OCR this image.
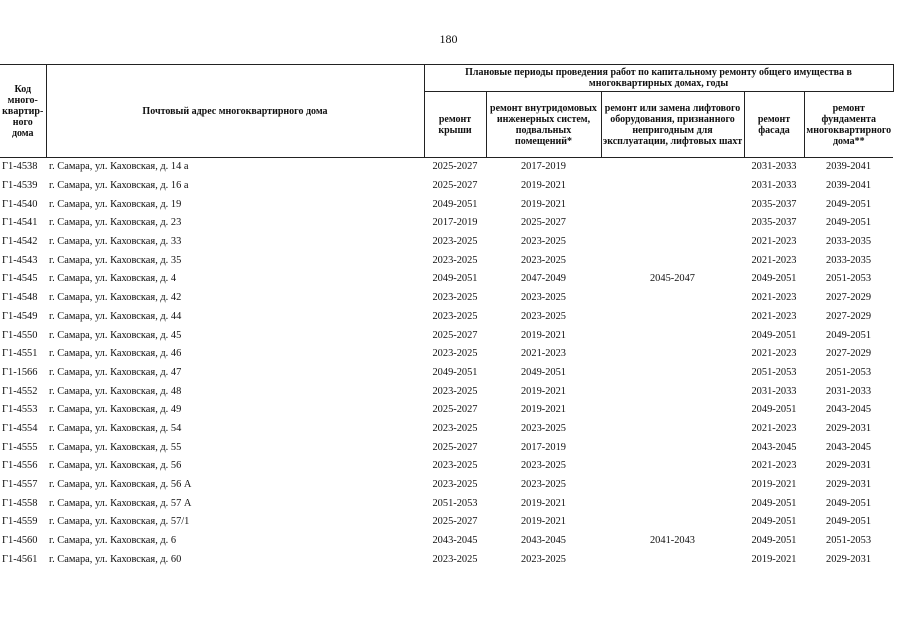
180
Код много- квартир- ного дома	Почтовый адрес многоквартирного дома	Плановые периоды проведения работ по капитальному ремонту общего имущества в многоквартирных домах, годы				
		ремонт крыши	ремонт внутридомовых инженерных систем, подвальных помещений*	ремонт или замена лифтового оборудования, признанного непригодным для эксплуатации, лифтовых шахт	ремонт фасада	ремонт фундамента многоквартирного дома**
Г1-4538	г. Самара, ул. Каховская, д. 14 а	2025-2027	2017-2019		2031-2033	2039-2041
Г1-4539	г. Самара, ул. Каховская, д. 16 а	2025-2027	2019-2021		2031-2033	2039-2041
Г1-4540	г. Самара, ул. Каховская, д. 19	2049-2051	2019-2021		2035-2037	2049-2051
Г1-4541	г. Самара, ул. Каховская, д. 23	2017-2019	2025-2027		2035-2037	2049-2051
Г1-4542	г. Самара, ул. Каховская, д. 33	2023-2025	2023-2025		2021-2023	2033-2035
Г1-4543	г. Самара, ул. Каховская, д. 35	2023-2025	2023-2025		2021-2023	2033-2035
Г1-4545	г. Самара, ул. Каховская, д. 4	2049-2051	2047-2049	2045-2047	2049-2051	2051-2053
Г1-4548	г. Самара, ул. Каховская, д. 42	2023-2025	2023-2025		2021-2023	2027-2029
Г1-4549	г. Самара, ул. Каховская, д. 44	2023-2025	2023-2025		2021-2023	2027-2029
Г1-4550	г. Самара, ул. Каховская, д. 45	2025-2027	2019-2021		2049-2051	2049-2051
Г1-4551	г. Самара, ул. Каховская, д. 46	2023-2025	2021-2023		2021-2023	2027-2029
Г1-1566	г. Самара, ул. Каховская, д. 47	2049-2051	2049-2051		2051-2053	2051-2053
Г1-4552	г. Самара, ул. Каховская, д. 48	2023-2025	2019-2021		2031-2033	2031-2033
Г1-4553	г. Самара, ул. Каховская, д. 49	2025-2027	2019-2021		2049-2051	2043-2045
Г1-4554	г. Самара, ул. Каховская, д. 54	2023-2025	2023-2025		2021-2023	2029-2031
Г1-4555	г. Самара, ул. Каховская, д. 55	2025-2027	2017-2019		2043-2045	2043-2045
Г1-4556	г. Самара, ул. Каховская, д. 56	2023-2025	2023-2025		2021-2023	2029-2031
Г1-4557	г. Самара, ул. Каховская, д. 56 А	2023-2025	2023-2025		2019-2021	2029-2031
Г1-4558	г. Самара, ул. Каховская, д. 57 А	2051-2053	2019-2021		2049-2051	2049-2051
Г1-4559	г. Самара, ул. Каховская, д. 57/1	2025-2027	2019-2021		2049-2051	2049-2051
Г1-4560	г. Самара, ул. Каховская, д. 6	2043-2045	2043-2045	2041-2043	2049-2051	2051-2053
Г1-4561	г. Самара, ул. Каховская, д. 60	2023-2025	2023-2025		2019-2021	2029-2031
